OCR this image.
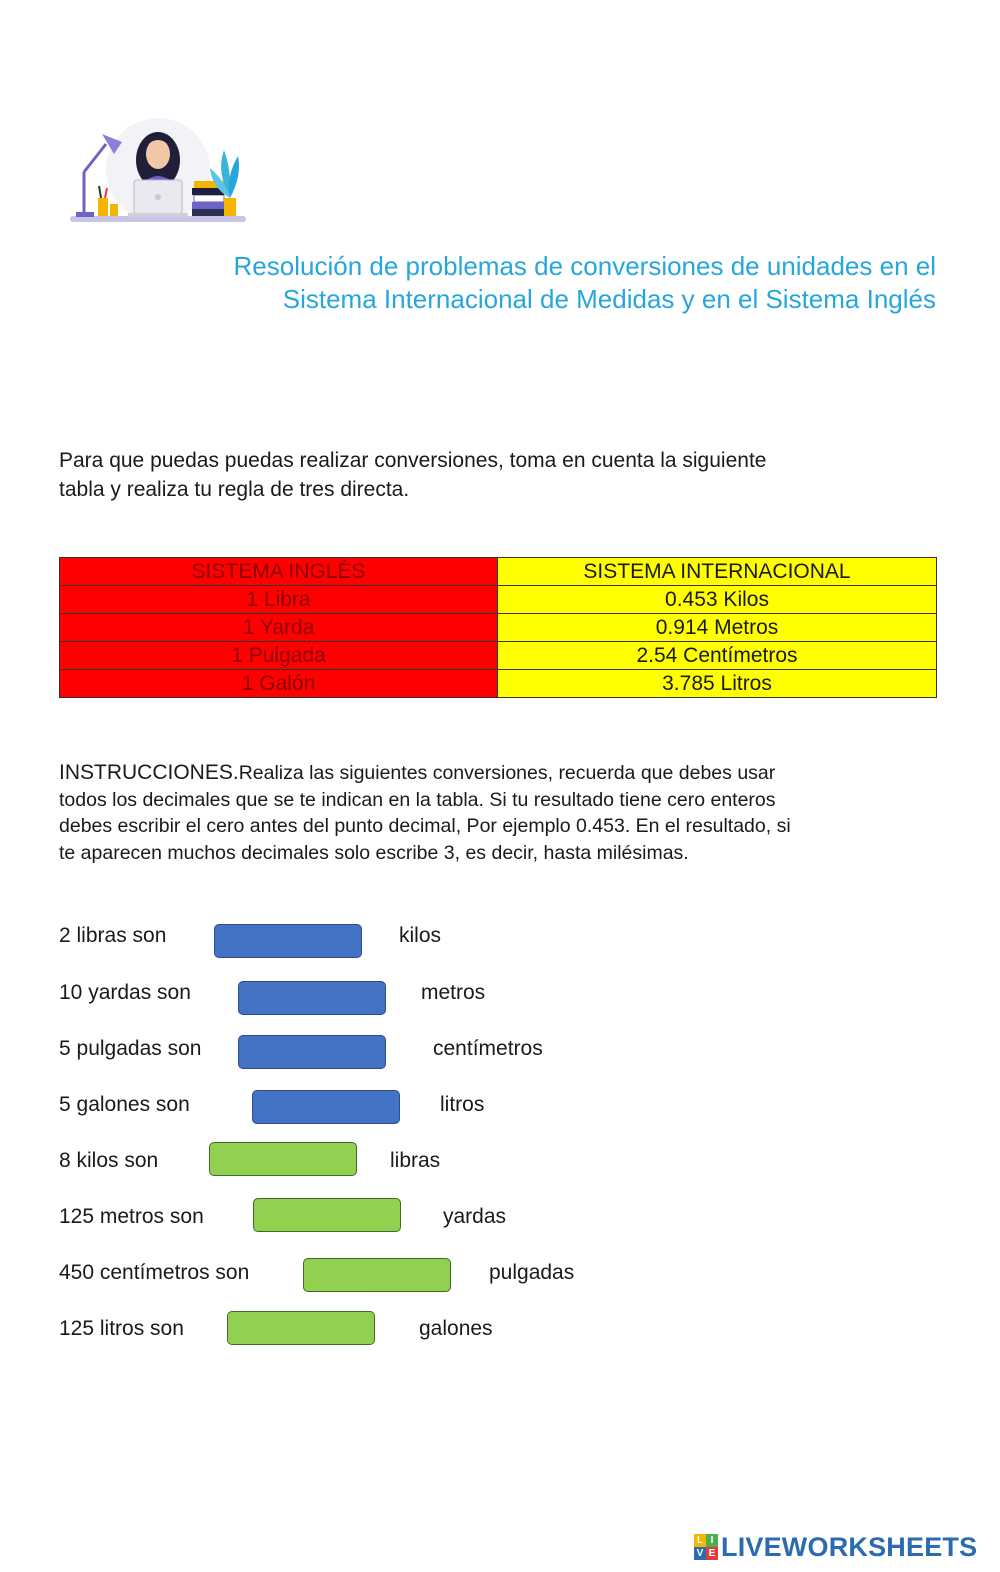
Resolución de problemas de conversiones de unidades en el
Sistema Internacional de Medidas y en el Sistema Inglés
Para que puedas puedas realizar conversiones, toma en cuenta la siguiente
tabla y realiza tu regla de tres directa.
SISTEMA INGLÉS	SISTEMA INTERNACIONAL
1 Libra	0.453 Kilos
1 Yarda	0.914 Metros
1 Pulgada	2.54 Centímetros
1 Galón	3.785 Litros
INSTRUCCIONES.Realiza las siguientes conversiones, recuerda que debes usar
todos los decimales que se te indican en la tabla. Si tu resultado tiene cero enteros
debes escribir el cero antes del punto decimal, Por ejemplo 0.453. En el resultado, si
te aparecen muchos decimales solo escribe 3, es decir, hasta milésimas.
2 libras son	kilos
10 yardas son	metros
5 pulgadas son	centímetros
5 galones son	litros
8 kilos son	libras
125 metros son	yardas
450 centímetros son	pulgadas
125 litros son	galones
L I
V E LIVEWORKSHEETS
